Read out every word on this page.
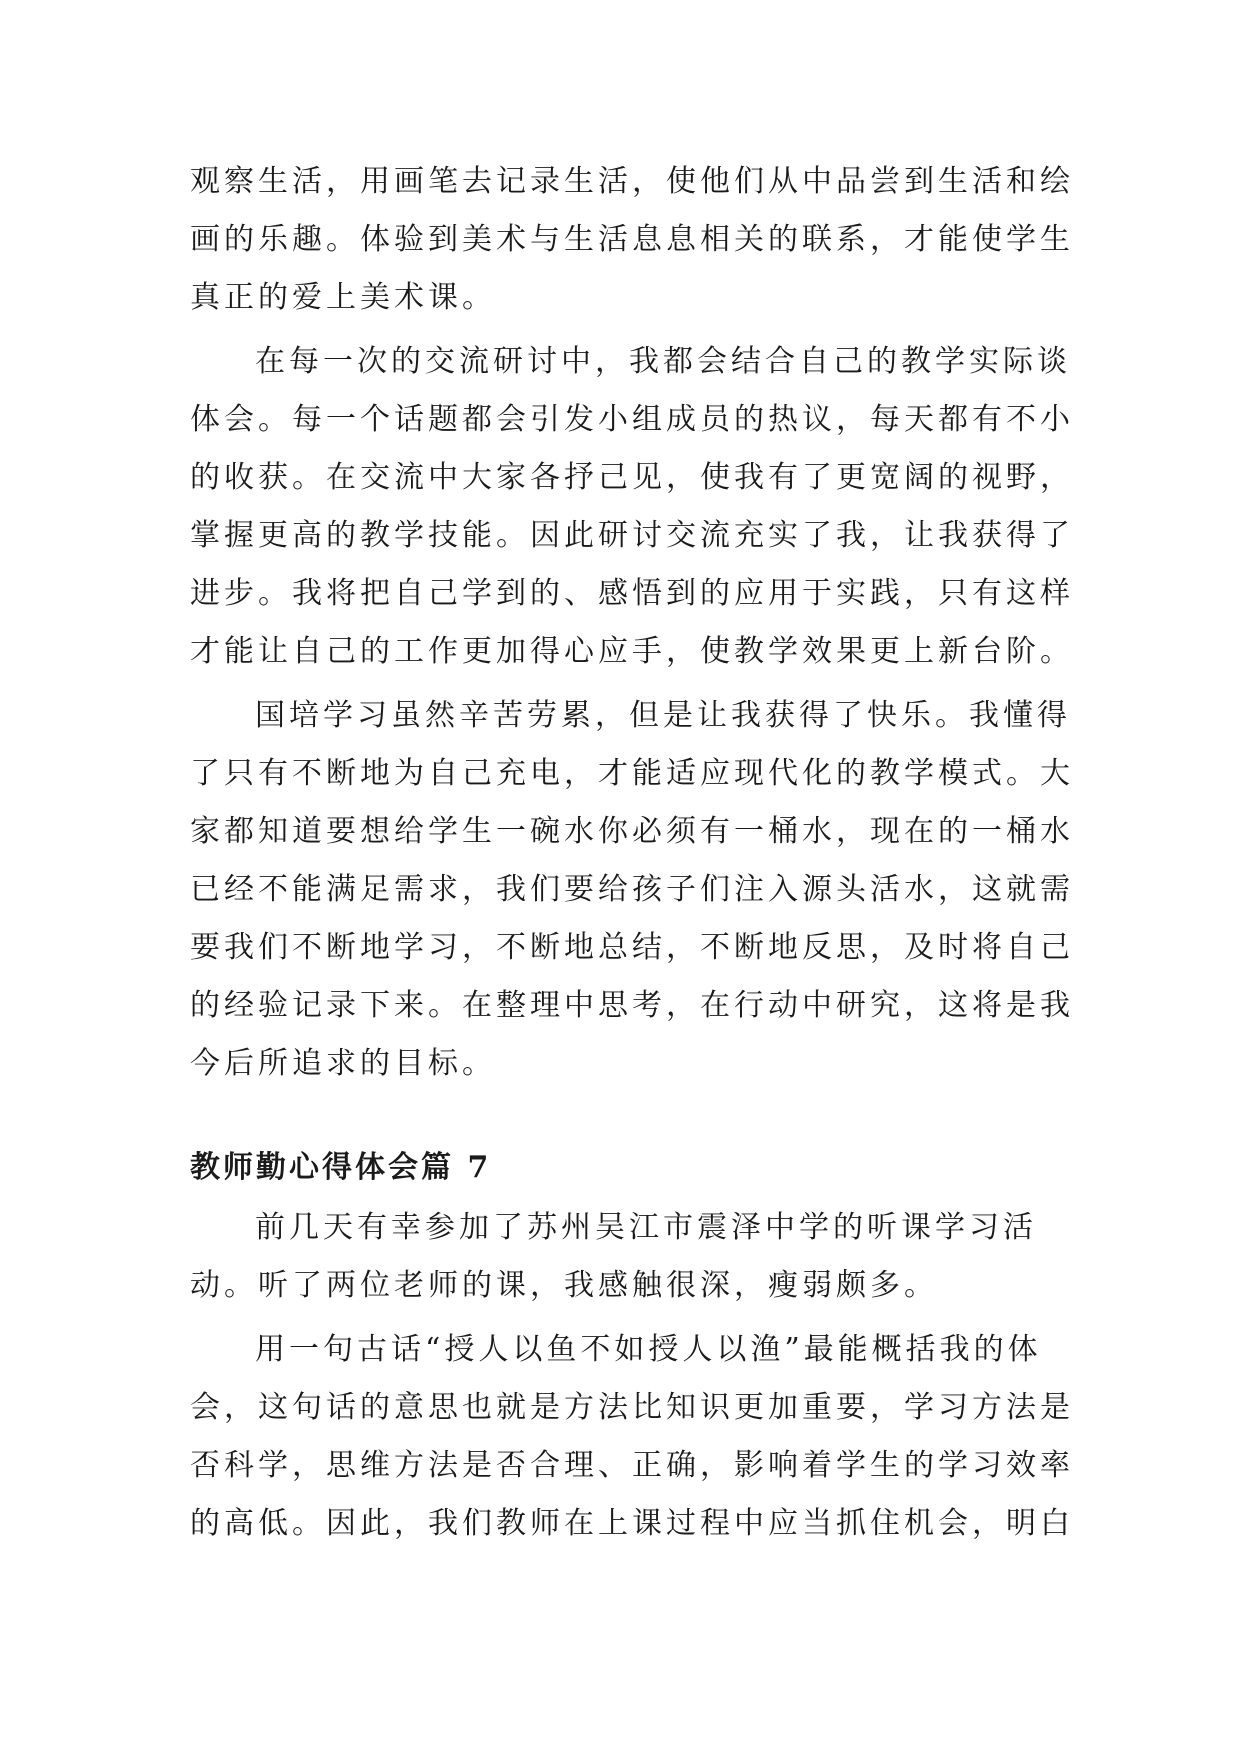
观察生活，用画笔去记录生活，使他们从中品尝到生活和绘

画的乐趣。体验到美术与生活息息相关的联系，才能使学生

真正的爱上美术课。

在每一次的交流研讨中，我都会结合自己的教学实际谈

体会。每一个话题都会引发小组成员的热议，每天都有不小

的收获。在交流中大家各抒己见，使我有了更宽阔的视野，

掌握更高的教学技能。因此研讨交流充实了我，让我获得了

进步。我将把自己学到的、感悟到的应用于实践，只有这样

才能让自己的工作更加得心应手，使教学效果更上新台阶。

国培学习虽然辛苦劳累，但是让我获得了快乐。我懂得

了只有不断地为自己充电，才能适应现代化的教学模式。大

家都知道要想给学生一碗水你必须有一桶水，现在的一桶水

已经不能满足需求，我们要给孩子们注入源头活水，这就需

要我们不断地学习，不断地总结，不断地反思，及时将自己

的经验记录下来。在整理中思考，在行动中研究，这将是我

今后所追求的目标。

教师勤心得体会篇 7

前几天有幸参加了苏州吴江市震泽中学的听课学习活

动。听了两位老师的课，我感触很深，瘦弱颇多。

用一句古话“授人以鱼不如授人以渔”最能概括我的体

会，这句话的意思也就是方法比知识更加重要，学习方法是

否科学，思维方法是否合理、正确，影响着学生的学习效率

的高低。因此，我们教师在上课过程中应当抓住机会，明白
